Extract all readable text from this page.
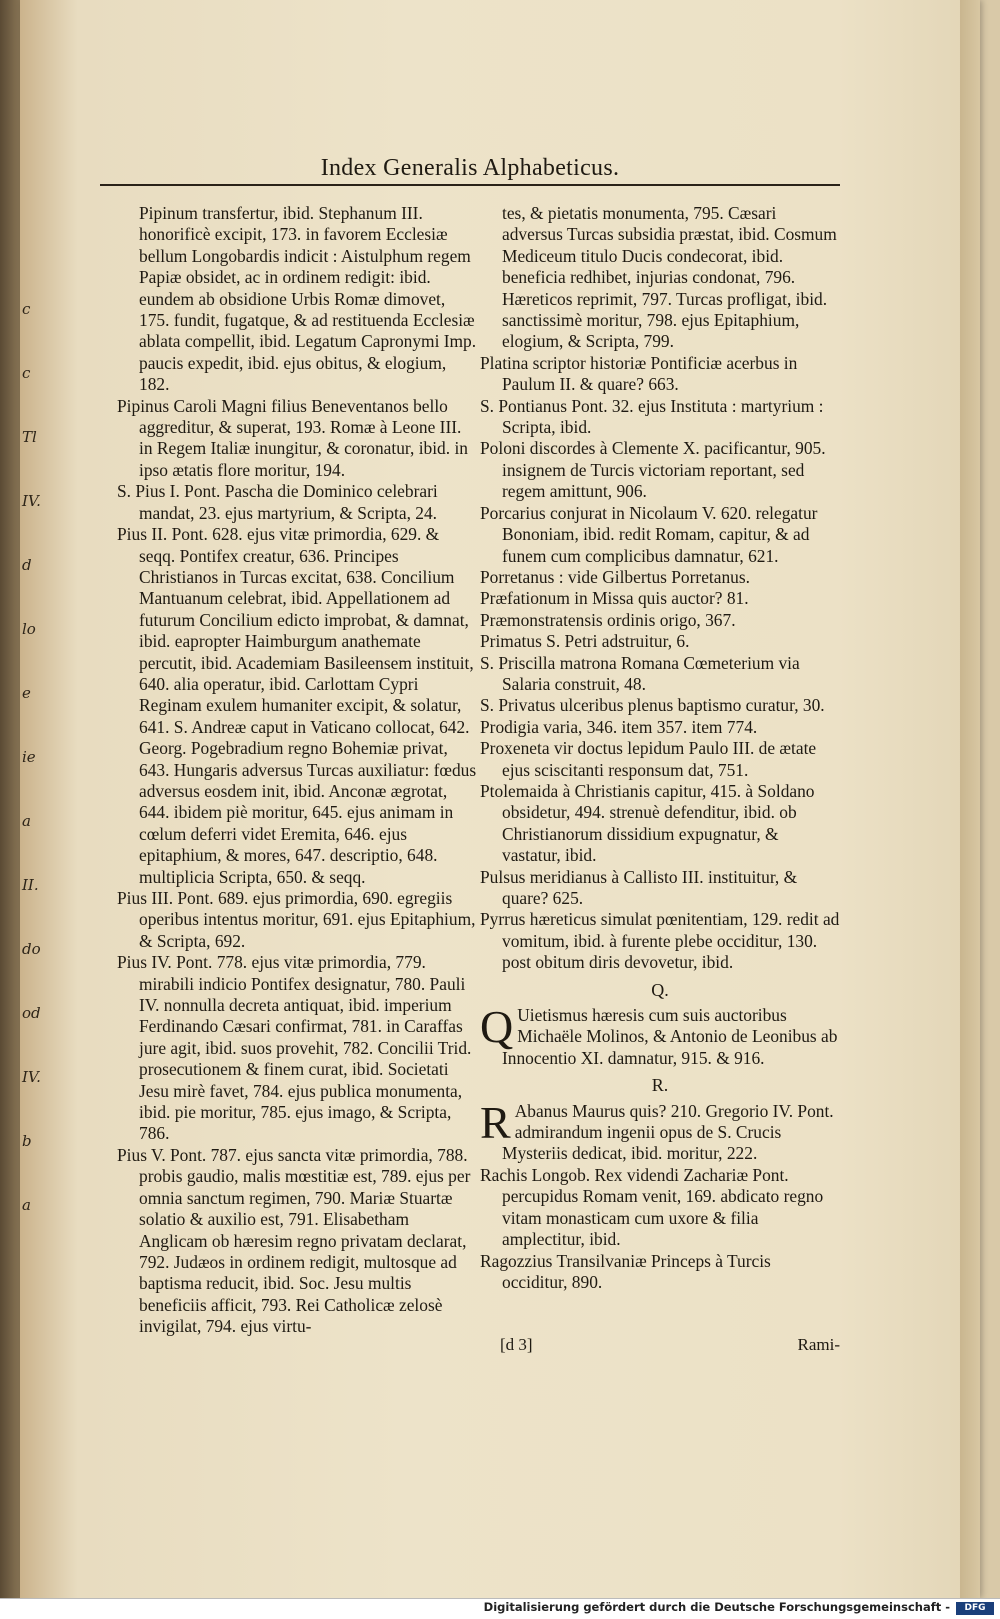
c
c
Tl
IV.
d
lo
e
ie
a
II.
do
od
IV.
b
a
Index Generalis Alphabeticus.

Pipinum transfertur, ibid. Stephanum III. honorificè excipit, 173. in favorem Ecclesiæ bellum Longobardis indicit : Aistulphum regem Papiæ obsidet, ac in ordinem redigit: ibid. eundem ab obsidione Urbis Romæ dimovet, 175. fundit, fugatque, & ad restituenda Ecclesiæ ablata compellit, ibid. Legatum Capronymi Imp. paucis expedit, ibid. ejus obitus, & elogium, 182.

Pipinus Caroli Magni filius Beneventanos bello aggreditur, & superat, 193. Romæ à Leone III. in Regem Italiæ inungitur, & coronatur, ibid. in ipso ætatis flore moritur, 194.

S. Pius I. Pont. Pascha die Dominico celebrari mandat, 23. ejus martyrium, & Scripta, 24.

Pius II. Pont. 628. ejus vitæ primordia, 629. & seqq. Pontifex creatur, 636. Principes Christianos in Turcas excitat, 638. Concilium Mantuanum celebrat, ibid. Appellationem ad futurum Concilium edicto improbat, & damnat, ibid. eapropter Haimburgum anathemate percutit, ibid. Academiam Basileensem instituit, 640. alia operatur, ibid. Carlottam Cypri Reginam exulem humaniter excipit, & solatur, 641. S. Andreæ caput in Vaticano collocat, 642. Georg. Pogebradium regno Bohemiæ privat, 643. Hungaris adversus Turcas auxiliatur: fœdus adversus eosdem init, ibid. Anconæ ægrotat, 644. ibidem piè moritur, 645. ejus animam in cœlum deferri videt Eremita, 646. ejus epitaphium, & mores, 647. descriptio, 648. multiplicia Scripta, 650. & seqq.

Pius III. Pont. 689. ejus primordia, 690. egregiis operibus intentus moritur, 691. ejus Epitaphium, & Scripta, 692.

Pius IV. Pont. 778. ejus vitæ primordia, 779. mirabili indicio Pontifex designatur, 780. Pauli IV. nonnulla decreta antiquat, ibid. imperium Ferdinando Cæsari confirmat, 781. in Caraffas jure agit, ibid. suos provehit, 782. Concilii Trid. prosecutionem & finem curat, ibid. Societati Jesu mirè favet, 784. ejus publica monumenta, ibid. pie moritur, 785. ejus imago, & Scripta, 786.

Pius V. Pont. 787. ejus sancta vitæ primordia, 788. probis gaudio, malis mœstitiæ est, 789. ejus per omnia sanctum regimen, 790. Mariæ Stuartæ solatio & auxilio est, 791. Elisabetham Anglicam ob hæresim regno privatam declarat, 792. Judæos in ordinem redigit, multosque ad baptisma reducit, ibid. Soc. Jesu multis beneficiis afficit, 793. Rei Catholicæ zelosè invigilat, 794. ejus virtu-

tes, & pietatis monumenta, 795. Cæsari adversus Turcas subsidia præstat, ibid. Cosmum Mediceum titulo Ducis condecorat, ibid. beneficia redhibet, injurias condonat, 796. Hæreticos reprimit, 797. Turcas profligat, ibid. sanctissimè moritur, 798. ejus Epitaphium, elogium, & Scripta, 799.

Platina scriptor historiæ Pontificiæ acerbus in Paulum II. & quare? 663.

S. Pontianus Pont. 32. ejus Instituta : martyrium : Scripta, ibid.

Poloni discordes à Clemente X. pacificantur, 905. insignem de Turcis victoriam reportant, sed regem amittunt, 906.

Porcarius conjurat in Nicolaum V. 620. relegatur Bononiam, ibid. redit Romam, capitur, & ad funem cum complicibus damnatur, 621.

Porretanus : vide Gilbertus Porretanus.

Præfationum in Missa quis auctor? 81.

Præmonstratensis ordinis origo, 367.

Primatus S. Petri adstruitur, 6.

S. Priscilla matrona Romana Cœmeterium via Salaria construit, 48.

S. Privatus ulceribus plenus baptismo curatur, 30.

Prodigia varia, 346. item 357. item 774.

Proxeneta vir doctus lepidum Paulo III. de ætate ejus sciscitanti responsum dat, 751.

Ptolemaida à Christianis capitur, 415. à Soldano obsidetur, 494. strenuè defenditur, ibid. ob Christianorum dissidium expugnatur, & vastatur, ibid.

Pulsus meridianus à Callisto III. instituitur, & quare? 625.

Pyrrus hæreticus simulat pœnitentiam, 129. redit ad vomitum, ibid. à furente plebe occiditur, 130. post obitum diris devovetur, ibid.

Q.
Q Uietismus hæresis cum suis auctoribus Michaële Molinos, & Antonio de Leonibus ab Innocentio XI. damnatur, 915. & 916.
R.
R Abanus Maurus quis? 210. Gregorio IV. Pont. admirandum ingenii opus de S. Crucis Mysteriis dedicat, ibid. moritur, 222.

Rachis Longob. Rex videndi Zachariæ Pont. percupidus Romam venit, 169. abdicato regno vitam monasticam cum uxore & filia amplectitur, ibid.

Ragozzius Transilvaniæ Princeps à Turcis occiditur, 890.

[d 3]	Rami-
Digitalisierung gefördert durch die Deutsche Forschungsgemeinschaft -	DFG
